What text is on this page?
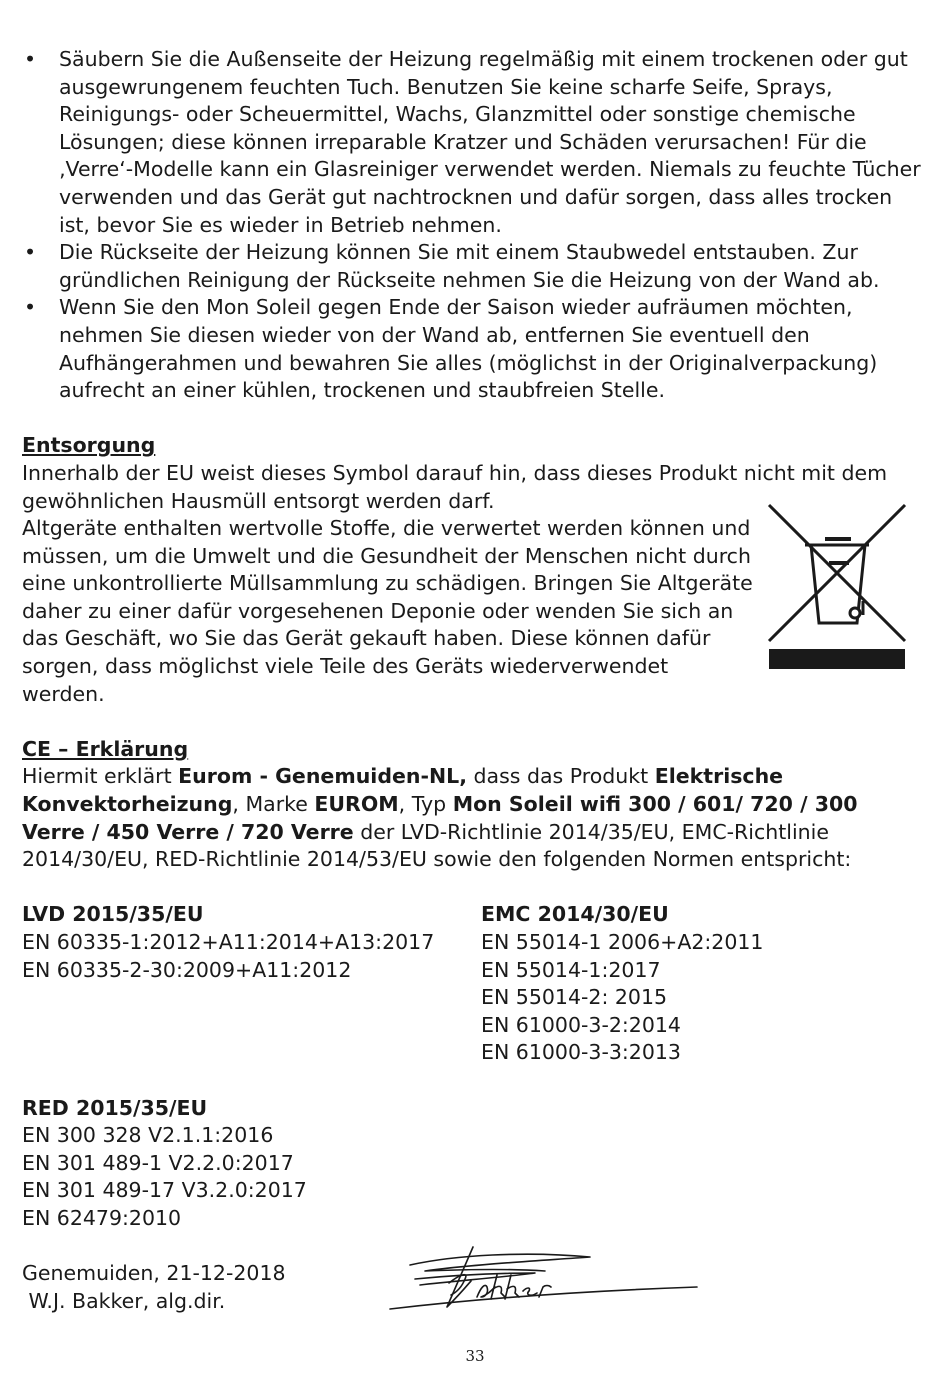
• Säubern Sie die Außenseite der Heizung regelmäßig mit einem trockenen oder gut ausgewrungenem feuchten Tuch. Benutzen Sie keine scharfe Seife, Sprays, Reinigungs- oder Scheuermittel, Wachs, Glanzmittel oder sonstige chemische Lösungen; diese können irreparable Kratzer und Schäden verursachen! Für die ‚Verre‘-Modelle kann ein Glasreiniger verwendet werden. Niemals zu feuchte Tücher verwenden und das Gerät gut nachtrocknen und dafür sorgen, dass alles trocken ist, bevor Sie es wieder in Betrieb nehmen.
• Die Rückseite der Heizung können Sie mit einem Staubwedel entstauben. Zur gründlichen Reinigung der Rückseite nehmen Sie die Heizung von der Wand ab.
• Wenn Sie den Mon Soleil gegen Ende der Saison wieder aufräumen möchten, nehmen Sie diesen wieder von der Wand ab, entfernen Sie eventuell den Aufhängerahmen und bewahren Sie alles (möglichst in der Originalverpackung) aufrecht an einer kühlen, trockenen und staubfreien Stelle.
Entsorgung

Innerhalb der EU weist dieses Symbol darauf hin, dass dieses Produkt nicht mit dem gewöhnlichen Hausmüll entsorgt werden darf.

Altgeräte enthalten wertvolle Stoffe, die verwertet werden können und müssen, um die Umwelt und die Gesundheit der Menschen nicht durch eine unkontrollierte Müllsammlung zu schädigen. Bringen Sie Altgeräte daher zu einer dafür vorgesehenen Deponie oder wenden Sie sich an das Geschäft, wo Sie das Gerät gekauft haben. Diese können dafür sorgen, dass möglichst viele Teile des Geräts wiederverwendet werden.

CE – Erklärung

Hiermit erklärt Eurom - Genemuiden-NL, dass das Produkt Elektrische Konvektorheizung, Marke EUROM, Typ Mon Soleil wifi 300 / 601/ 720 / 300 Verre / 450 Verre / 720 Verre der LVD-Richtlinie 2014/35/EU, EMC-Richtlinie 2014/30/EU, RED-Richtlinie 2014/53/EU sowie den folgenden Normen entspricht:

LVD 2015/35/EU
EN 60335-1:2012+A11:2014+A13:2017
EN 60335-2-30:2009+A11:2012
EMC 2014/30/EU
EN 55014-1 2006+A2:2011
EN 55014-1:2017
EN 55014-2: 2015
EN 61000-3-2:2014
EN 61000-3-3:2013
RED 2015/35/EU
EN 300 328 V2.1.1:2016
EN 301 489-1 V2.2.0:2017
EN 301 489-17 V3.2.0:2017
EN 62479:2010
Genemuiden, 21-12-2018
W.J. Bakker, alg.dir.
33
